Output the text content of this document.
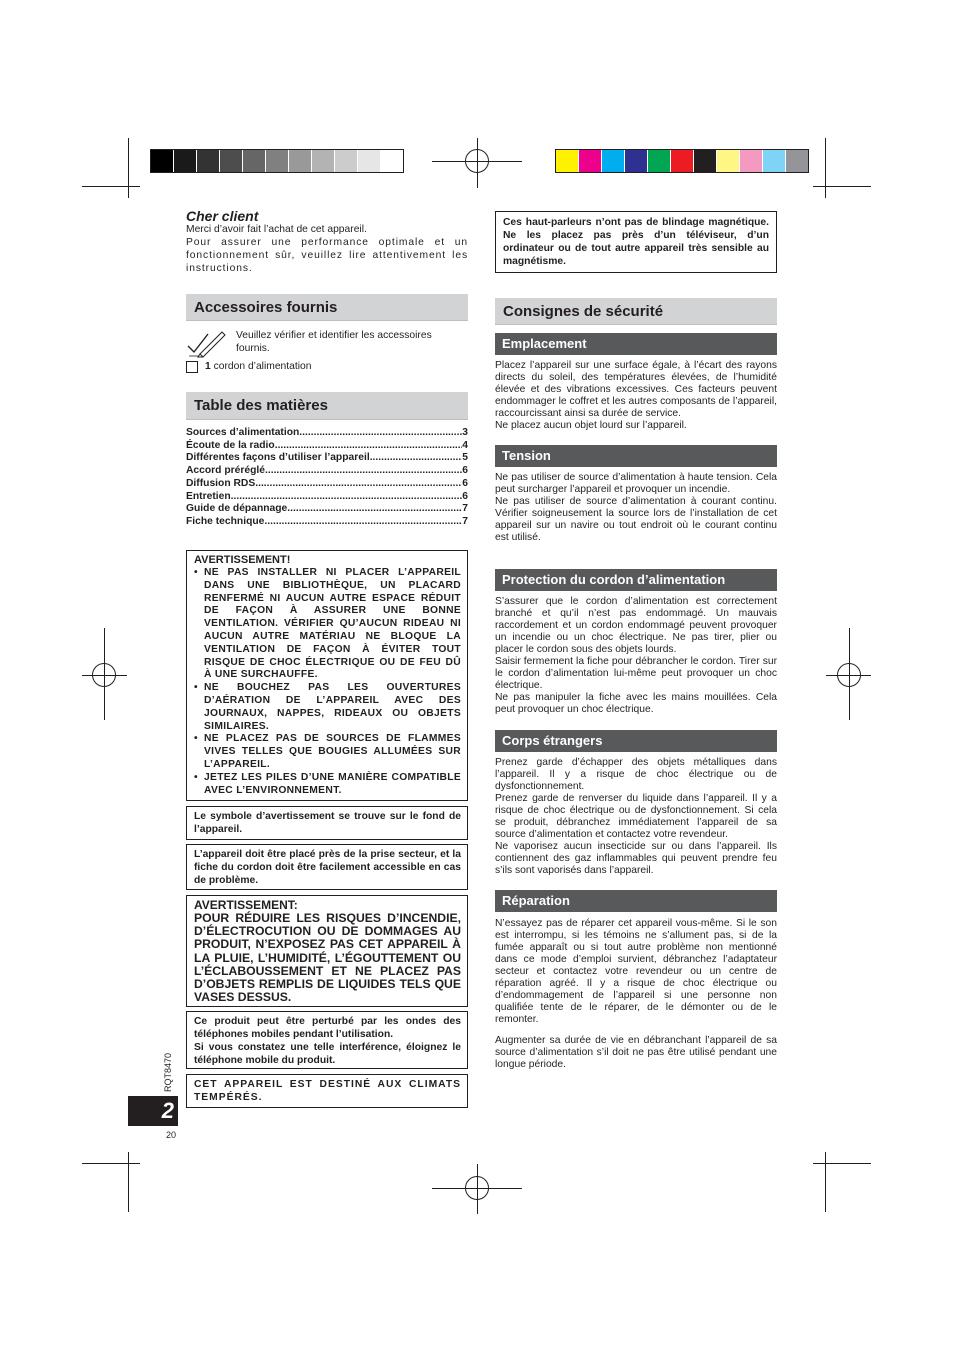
Cher client

Merci d’avoir fait l’achat de cet appareil.

Pour assurer une performance optimale et un fonctionnement sûr, veuillez lire attentivement les instructions.

Accessoires fournis

Veuillez vérifier et identifier les accessoires fournis.

1 cordon d’alimentation
Table des matières
Sources d’alimentation .....	3
Écoute de la radio .....	4
Différentes façons d’utiliser l’appareil .....	5
Accord préréglé .....	6
Diffusion RDS .....	6
Entretien .....	6
Guide de dépannage .....	7
Fiche technique .....	7
AVERTISSEMENT!
• NE PAS INSTALLER NI PLACER L’APPAREIL DANS UNE BIBLIOTHÈQUE, UN PLACARD RENFERMÉ NI AUCUN AUTRE ESPACE RÉDUIT DE FAÇON À ASSURER UNE BONNE VENTILATION. VÉRIFIER QU’AUCUN RIDEAU NI AUCUN AUTRE MATÉRIAU NE BLOQUE LA VENTILATION DE FAÇON À ÉVITER TOUT RISQUE DE CHOC ÉLECTRIQUE OU DE FEU DÛ À UNE SURCHAUFFE.
• NE BOUCHEZ PAS LES OUVERTURES D’AÉRATION DE L’APPAREIL AVEC DES JOURNAUX, NAPPES, RIDEAUX OU OBJETS SIMILAIRES.
• NE PLACEZ PAS DE SOURCES DE FLAMMES VIVES TELLES QUE BOUGIES ALLUMÉES SUR L’APPAREIL.
• JETEZ LES PILES D’UNE MANIÈRE COMPATIBLE AVEC L’ENVIRONNEMENT.

Le symbole d’avertissement se trouve sur le fond de l’appareil.

L’appareil doit être placé près de la prise secteur, et la fiche du cordon doit être facilement accessible en cas de problème.

AVERTISSEMENT:

POUR RÉDUIRE LES RISQUES D’INCENDIE, D’ÉLECTROCUTION OU DE DOMMAGES AU PRODUIT, N’EXPOSEZ PAS CET APPAREIL À LA PLUIE, L’HUMIDITÉ, L’ÉGOUTTEMENT OU L’ÉCLABOUSSEMENT ET NE PLACEZ PAS D’OBJETS REMPLIS DE LIQUIDES TELS QUE VASES DESSUS.

Ce produit peut être perturbé par les ondes des téléphones mobiles pendant l’utilisation.

Si vous constatez une telle interférence, éloignez le téléphone mobile du produit.

CET APPAREIL EST DESTINÉ AUX CLIMATS TEMPÉRÉS.

RQT8470
2
20

Ces haut-parleurs n’ont pas de blindage magnétique. Ne les placez pas près d’un téléviseur, d’un ordinateur ou de tout autre appareil très sensible au magnétisme.

Consignes de sécurité
Emplacement

Placez l’appareil sur une surface égale, à l’écart des rayons directs du soleil, des températures élevées, de l’humidité élevée et des vibrations excessives. Ces facteurs peuvent endommager le coffret et les autres composants de l’appareil, raccourcissant ainsi sa durée de service.

Ne placez aucun objet lourd sur l’appareil.

Tension

Ne pas utiliser de source d’alimentation à haute tension. Cela peut surcharger l’appareil et provoquer un incendie.

Ne pas utiliser de source d’alimentation à courant continu. Vérifier soigneusement la source lors de l’installation de cet appareil sur un navire ou tout endroit où le courant continu est utilisé.

Protection du cordon d’alimentation

S’assurer que le cordon d’alimentation est correctement branché et qu’il n’est pas endommagé. Un mauvais raccordement et un cordon endommagé peuvent provoquer un incendie ou un choc électrique. Ne pas tirer, plier ou placer le cordon sous des objets lourds.

Saisir fermement la fiche pour débrancher le cordon. Tirer sur le cordon d’alimentation lui-même peut provoquer un choc électrique.

Ne pas manipuler la fiche avec les mains mouillées. Cela peut provoquer un choc électrique.

Corps étrangers

Prenez garde d’échapper des objets métalliques dans l’appareil. Il y a risque de choc électrique ou de dysfonctionnement.

Prenez garde de renverser du liquide dans l’appareil. Il y a risque de choc électrique ou de dysfonctionnement. Si cela se produit, débranchez immédiatement l’appareil de sa source d’alimentation et contactez votre revendeur.

Ne vaporisez aucun insecticide sur ou dans l’appareil. Ils contiennent des gaz inflammables qui peuvent prendre feu s’ils sont vaporisés dans l’appareil.

Réparation

N’essayez pas de réparer cet appareil vous-même. Si le son est interrompu, si les témoins ne s’allument pas, si de la fumée apparaît ou si tout autre problème non mentionné dans ce mode d’emploi survient, débranchez l’adaptateur secteur et contactez votre revendeur ou un centre de réparation agréé. Il y a risque de choc électrique ou d’endommagement de l’appareil si une personne non qualifiée tente de le réparer, de le démonter ou de le remonter.

Augmenter sa durée de vie en débranchant l’appareil de sa source d’alimentation s’il doit ne pas être utilisé pendant une longue période.
